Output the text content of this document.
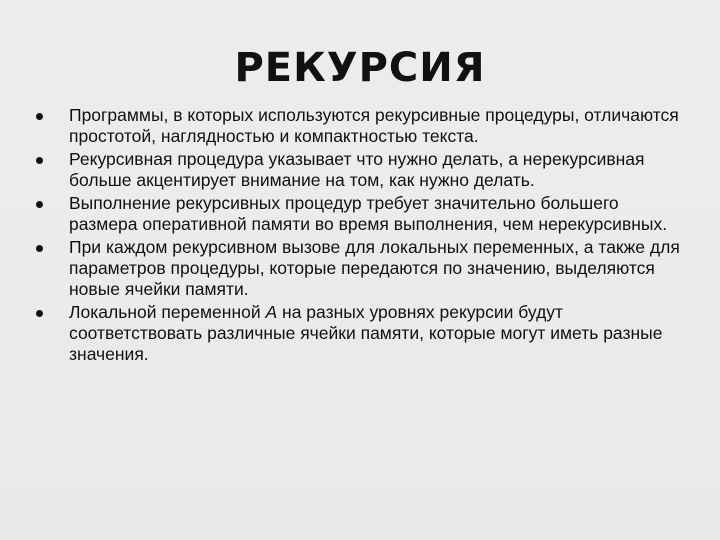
РЕКУРСИЯ
Программы, в которых используются рекурсивные процедуры, отличаются простотой, наглядностью и компактностью текста.
Рекурсивная процедура указывает что нужно делать, а нерекурсивная больше акцентирует внимание на том, как нужно делать.
Выполнение рекурсивных процедур требует значительно большего размера оперативной памяти во время выполнения, чем нерекурсивных.
При каждом рекурсивном вызове для локальных переменных, а также для параметров процедуры, которые передаются по значению, выделяются новые ячейки памяти.
Локальной переменной A на разных уровнях рекурсии будут соответствовать различные ячейки памяти, которые могут иметь разные значения.
